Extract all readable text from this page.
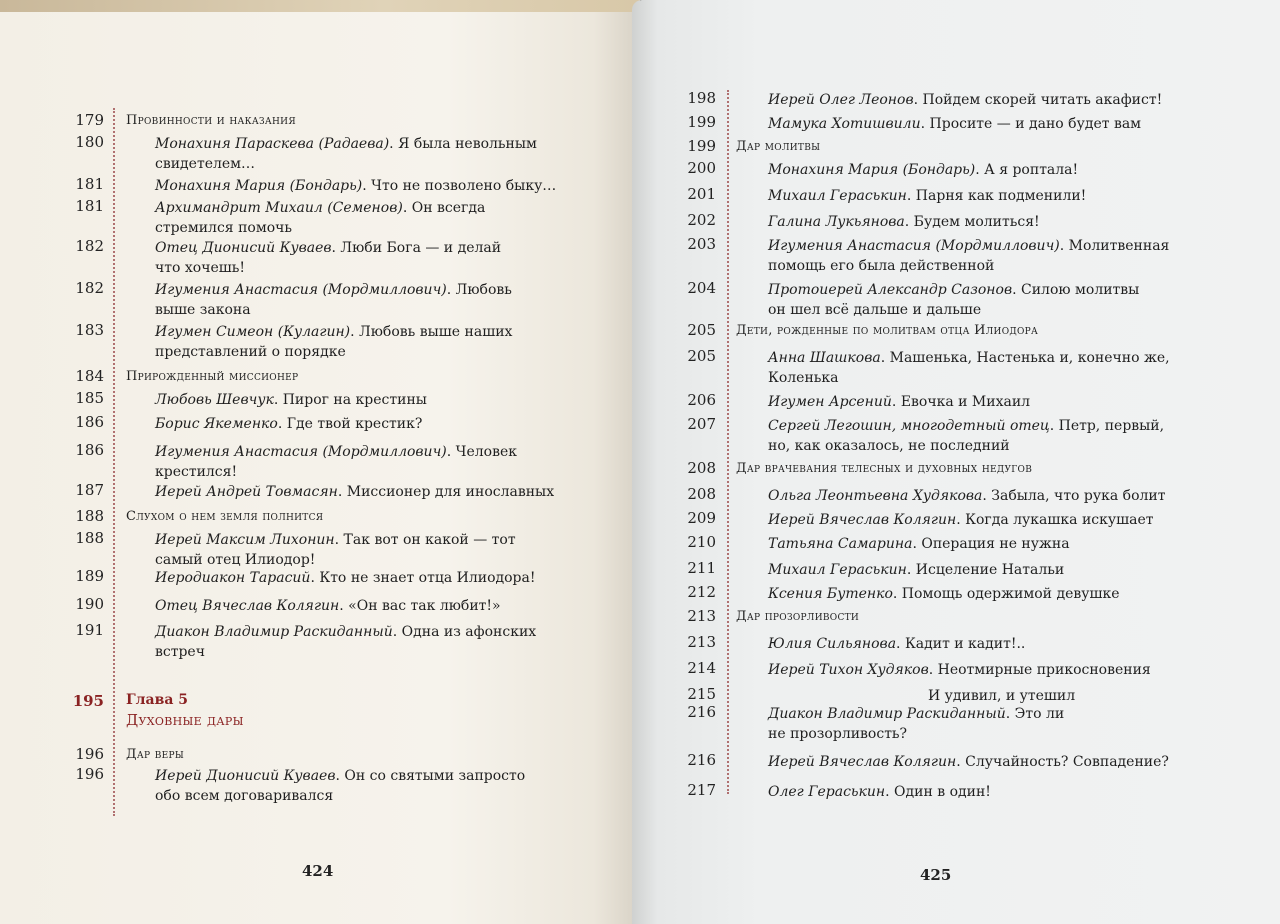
424
179 Провинности и наказания
180	Монахиня Параскева (Радаева). Я была невольным
свидетелем…
181	Монахиня Мария (Бондарь). Что не позволено быку…
181	Архимандрит Михаил (Семенов). Он всегда
стремился помочь
182	Отец Дионисий Куваев. Люби Бога — и делай
что хочешь!
182	Игумения Анастасия (Мордмиллович). Любовь
выше закона
183	Игумен Симеон (Кулагин). Любовь выше наших
представлений о порядке
184 Прирожденный миссионер
185	Любовь Шевчук. Пирог на крестины
186	Борис Якеменко. Где твой крестик?
186	Игумения Анастасия (Мордмиллович). Человек
крестился!
187	Иерей Андрей Товмасян. Миссионер для инославных
188 Слухом о нем земля полнится
188	Иерей Максим Лихонин. Так вот он какой — тот
самый отец Илиодор!
189	Иеродиакон Тарасий. Кто не знает отца Илиодора!
190	Отец Вячеслав Колягин. «Он вас так любит!»
191	Диакон Владимир Раскиданный. Одна из афонских
встреч
195 Глава 5
Духовные дары
196 Дар веры
196	Иерей Дионисий Куваев. Он со святыми запросто
обо всем договаривался
425
198	Иерей Олег Леонов. Пойдем скорей читать акафист!
199	Мамука Хотишвили. Просите — и дано будет вам
199 Дар молитвы
200	Монахиня Мария (Бондарь). А я роптала!
201	Михаил Гераськин. Парня как подменили!
202	Галина Лукьянова. Будем молиться!
203	Игумения Анастасия (Мордмиллович). Молитвенная
помощь его была действенной
204	Протоиерей Александр Сазонов. Силою молитвы
он шел всё дальше и дальше
205 Дети, рожденные по молитвам отца Илиодора
205	Анна Шашкова. Машенька, Настенька и, конечно же,
Коленька
206	Игумен Арсений. Евочка и Михаил
207	Сергей Легошин, многодетный отец. Петр, первый,
но, как оказалось, не последний
208 Дар врачевания телесных и духовных недугов
208	Ольга Леонтьевна Худякова. Забыла, что рука болит
209	Иерей Вячеслав Колягин. Когда лукашка искушает
210	Татьяна Самарина. Операция не нужна
211	Михаил Гераськин. Исцеление Натальи
212	Ксения Бутенко. Помощь одержимой девушке
213 Дар прозорливости
213	Юлия Сильянова. Кадит и кадит!..
214	Иерей Тихон Худяков. Неотмирные прикосновения
215	И удивил, и утешил
216	Диакон Владимир Раскиданный. Это ли
не прозорливость?
216	Иерей Вячеслав Колягин. Случайность? Совпадение?
217	Олег Гераськин. Один в один!
